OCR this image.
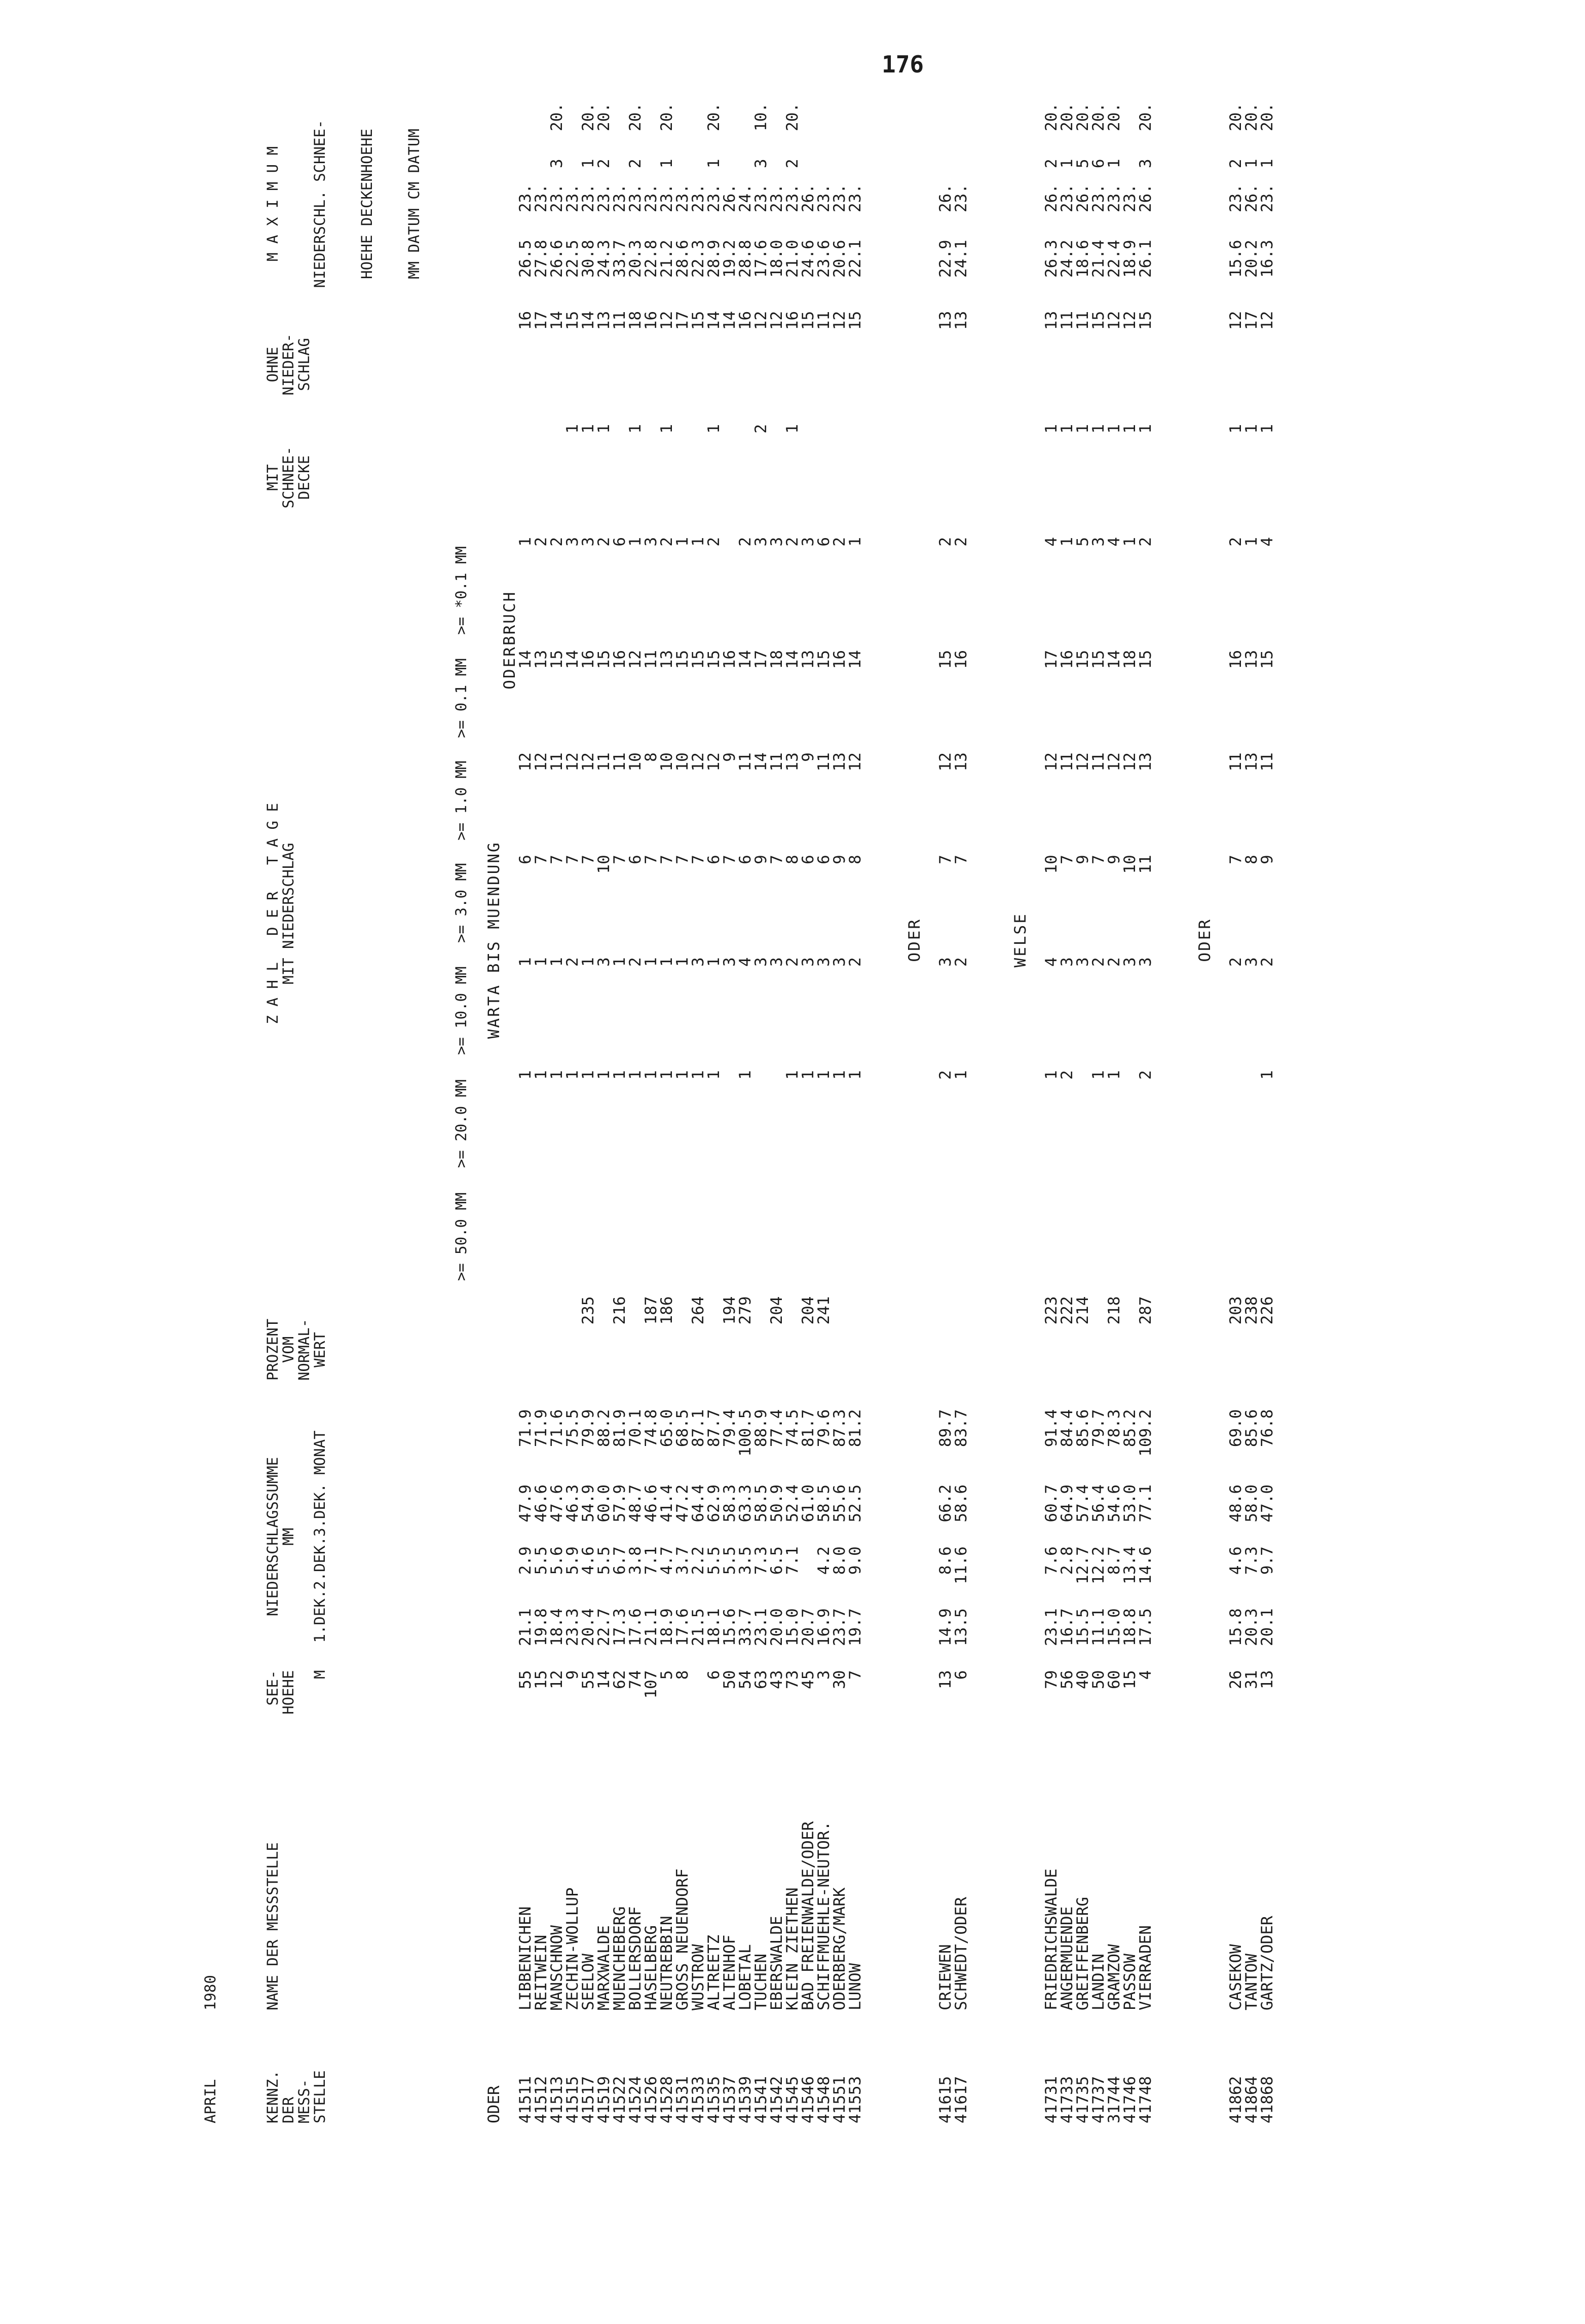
176
APRIL	1980																			

KENNZ.
DER
MESS-
STELLE	NAME DER MESSSTELLE	SEE-
HOEHE
M	NIEDERSCHLAGSSUMME
MM
1.DEK.2.DEK.3.DEK. MONAT				PROZENT
VOM
NORMAL-
WERT	Z A H L   D E R   T A G E
MIT NIEDERSCHLAG							MIT
SCHNEE-
DECKE	OHNE
NIEDER-
SCHLAG	M A X I M U M

NIEDERSCHL. SCHNEE-

HOEHE DECKENHOEHE

MM DATUM CM DATUM			

								>= 50.0 MM	>= 20.0 MM	>= 10.0 MM	>= 3.0 MM	>= 1.0 MM	>= 0.1 MM	>= *0.1 MM						
ODER		WARTA BIS MUENDUNG																		
									ODERBRUCH											
41511	LIBBENICHEN	55	21.1	2.9	47.9	71.9			1	1	6	12	14	1		16	26.5	23.		
41512	REITWEIN	15	19.8	5.5	46.6	71.9			1	1	7	12	13	2		17	27.8	23.		
41513	MANSCHNOW	12	18.4	5.6	47.6	71.6			1	1	7	11	15	2		14	26.6	23.	3	20.
41515	ZECHIN-WOLLUP	9	23.3	5.9	46.3	75.5			1	2	7	12	14	3	1	15	22.5	23.		
41517	SEELOW	55	20.4	4.6	54.9	79.9	235		1	1	7	12	16	3	1	14	30.8	23.	1	20.
41519	MARXWALDE	14	22.7	5.5	60.0	88.2			1	3	10	11	15	2	1	13	24.3	23.	2	20.
41522	MUENCHEBERG	62	17.3	6.7	57.9	81.9	216		1	1	7	11	16	6		11	33.7	23.		
41524	BOLLERSDORF	74	17.6	3.8	48.7	70.1			1	2	6	10	12	1	1	18	20.3	23.	2	20.
41526	HASELBERG	107	21.1	7.1	46.6	74.8	187		1	1	7	8	11	3		16	22.8	23.		
41528	NEUTREBBIN	5	18.9	4.7	41.4	65.0	186		1	1	7	10	13	2	1	12	21.2	23.	1	20.
41531	GROSS NEUENDORF	8	17.6	3.7	47.2	68.5			1	1	7	10	15	1		17	28.6	23.		
41533	WUSTROW		21.5	2.2	64.4	87.1	264		1	3	7	12	15	1		15	22.3	23.		
41535	ALTREETZ	6	18.1	5.5	62.9	87.7			1	1	6	12	15	2	1	14	28.9	23.	1	20.
41537	ALTENHOF	50	15.6	5.5	58.3	79.4	194			3	7	9	16			14	19.2	26.		
41539	LOBETAL	54	33.7	3.5	63.3	100.5	279		1	4	6	11	14	2		16	28.8	24.		
41541	TUCHEN	63	23.1	7.3	58.5	88.9				3	9	14	17	3	2	12	17.6	23.	3	10.
41542	EBERSWALDE	43	20.0	6.5	50.9	77.4	204			3	7	11	18	3		12	18.0	23.		
41545	KLEIN ZIETHEN	73	15.0	7.1	52.4	74.5			1	2	8	13	14	2	1	16	21.0	23.	2	20.
41546	BAD FREIENWALDE/ODER	45	20.7		61.0	81.7	204		1	3	6	9	13	3		15	24.6	26.		
41548	SCHIFFMUEHLE-NEUTOR.	3	16.9	4.2	58.5	79.6	241		1	3	6	11	15	6		11	23.6	23.		
41551	ODERBERG/MARK	30	23.7	8.0	55.6	87.3			1	3	9	13	16	2		12	20.6	23.		
41553	LUNOW	7	19.7	9.0	52.5	81.2			1	2	8	12	14	1		15	22.1	23.		

		ODER																		

41615	CRIEWEN	13	14.9	8.6	66.2	89.7			2	3	7	12	15	2		13	22.9	26.		
41617	SCHWEDT/ODER	6	13.5	11.6	58.6	83.7			1	2	7	13	16	2		13	24.1	23.		

		WELSE																		

41731	FRIEDRICHSWALDE	79	23.1	7.6	60.7	91.4	223		1	4	10	12	17	4	1	13	26.3	26.	2	20.
41733	ANGERMUENDE	56	16.7	2.8	64.9	84.4	222		2	3	7	11	16	1	1	11	24.2	23.	1	20.
41735	GREIFFENBERG	40	15.5	12.7	57.4	85.6	214			3	9	12	15	5	1	11	18.6	26.	5	20.
41737	LANDIN	50	11.1	12.2	56.4	79.7			1	2	7	11	15	3	1	15	21.4	23.	6	20.
31744	GRAMZOW	60	15.0	8.7	54.6	78.3	218		1	2	9	12	14	4	1	12	22.4	23.	1	20.
41746	PASSOW	15	18.8	13.4	53.0	85.2				3	10	12	18	1	1	12	18.9	23.		
41748	VIERRADEN	4	17.5	14.6	77.1	109.2	287		2	3	11	13	15	2	1	15	26.1	26.	3	20.

		ODER																		

41862	CASEKOW	26	15.8	4.6	48.6	69.0	203			2	7	11	16	2	1	12	15.6	23.	2	20.
41864	TANTOW	31	20.3	7.3	58.0	85.6	238			3	8	13	13	1	1	17	20.2	26.	1	20.
41868	GARTZ/ODER	13	20.1	9.7	47.0	76.8	226		1	2	9	11	15	4	1	12	16.3	23.	1	20.
